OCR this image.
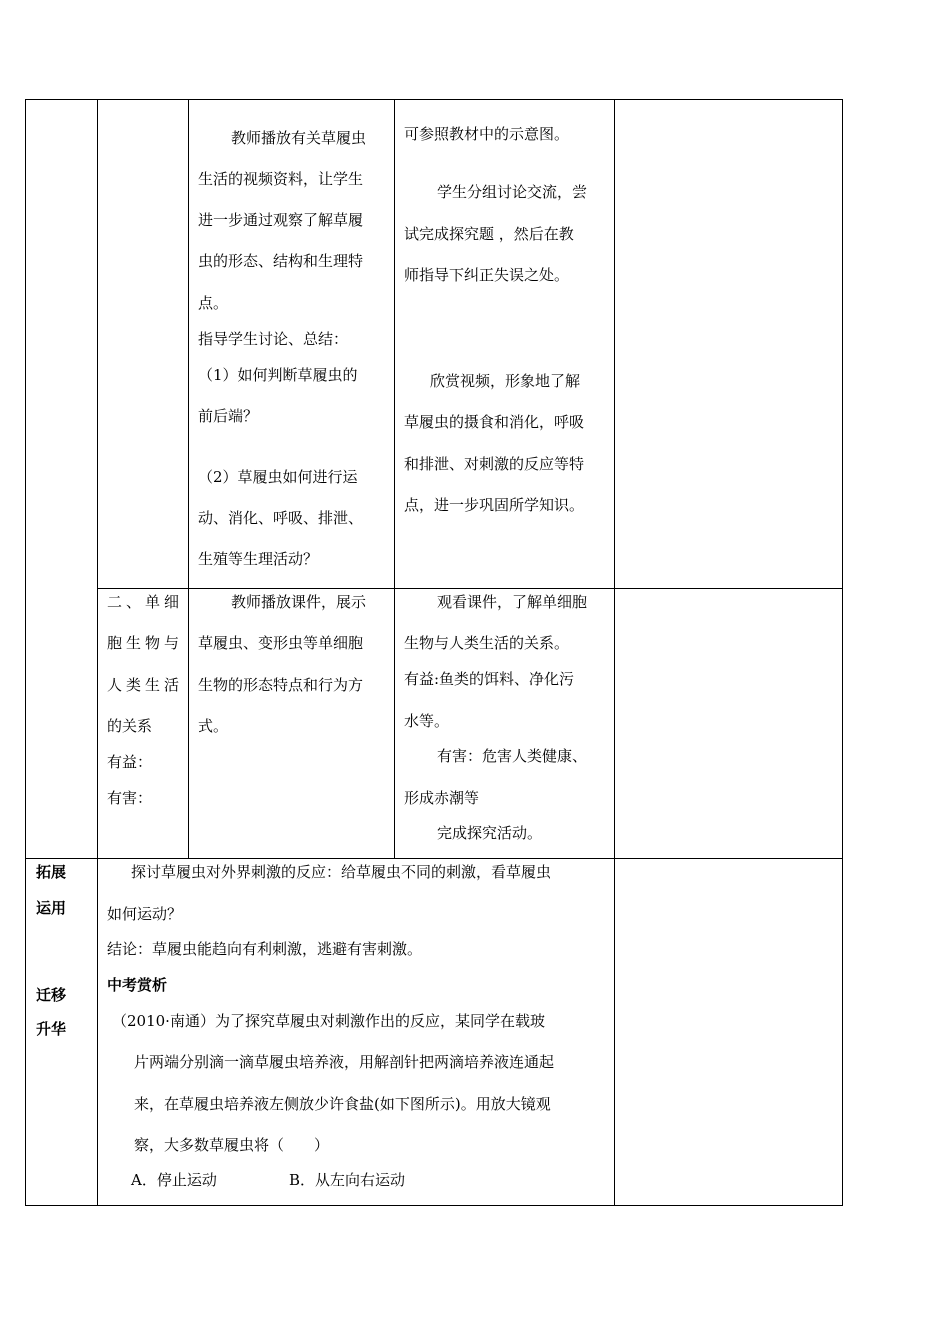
教师播放有关草履虫
生活的视频资料，让学生
进一步通过观察了解草履
虫的形态、结构和生理特
点。
指导学生讨论、总结：
（1）如何判断草履虫的
前后端？
（2）草履虫如何进行运
动、消化、呼吸、排泄、
生殖等生理活动？
可参照教材中的示意图。
学生分组讨论交流，尝
试完成探究题 ，然后在教
师指导下纠正失误之处。
欣赏视频，形象地了解
草履虫的摄食和消化，呼吸
和排泄、对刺激的反应等特
点，进一步巩固所学知识。
二、单细
胞生物与
人类生活
的关系
有益：
有害：
教师播放课件，展示
草履虫、变形虫等单细胞
生物的形态特点和行为方
式。
观看课件，了解单细胞
生物与人类生活的关系。
有益:鱼类的饵料、净化污
水等。
有害：危害人类健康、
形成赤潮等
完成探究活动。
拓展
运用
迁移
升华
探讨草履虫对外界刺激的反应：给草履虫不同的刺激，看草履虫
如何运动？
结论：草履虫能趋向有利刺激，逃避有害刺激。
中考赏析
（2010·南通）为了探究草履虫对刺激作出的反应，某同学在载玻
片两端分别滴一滴草履虫培养液，用解剖针把两滴培养液连通起
来，在草履虫培养液左侧放少许食盐(如下图所示)。用放大镜观
察，大多数草履虫将（　　）
A．停止运动	B．从左向右运动
